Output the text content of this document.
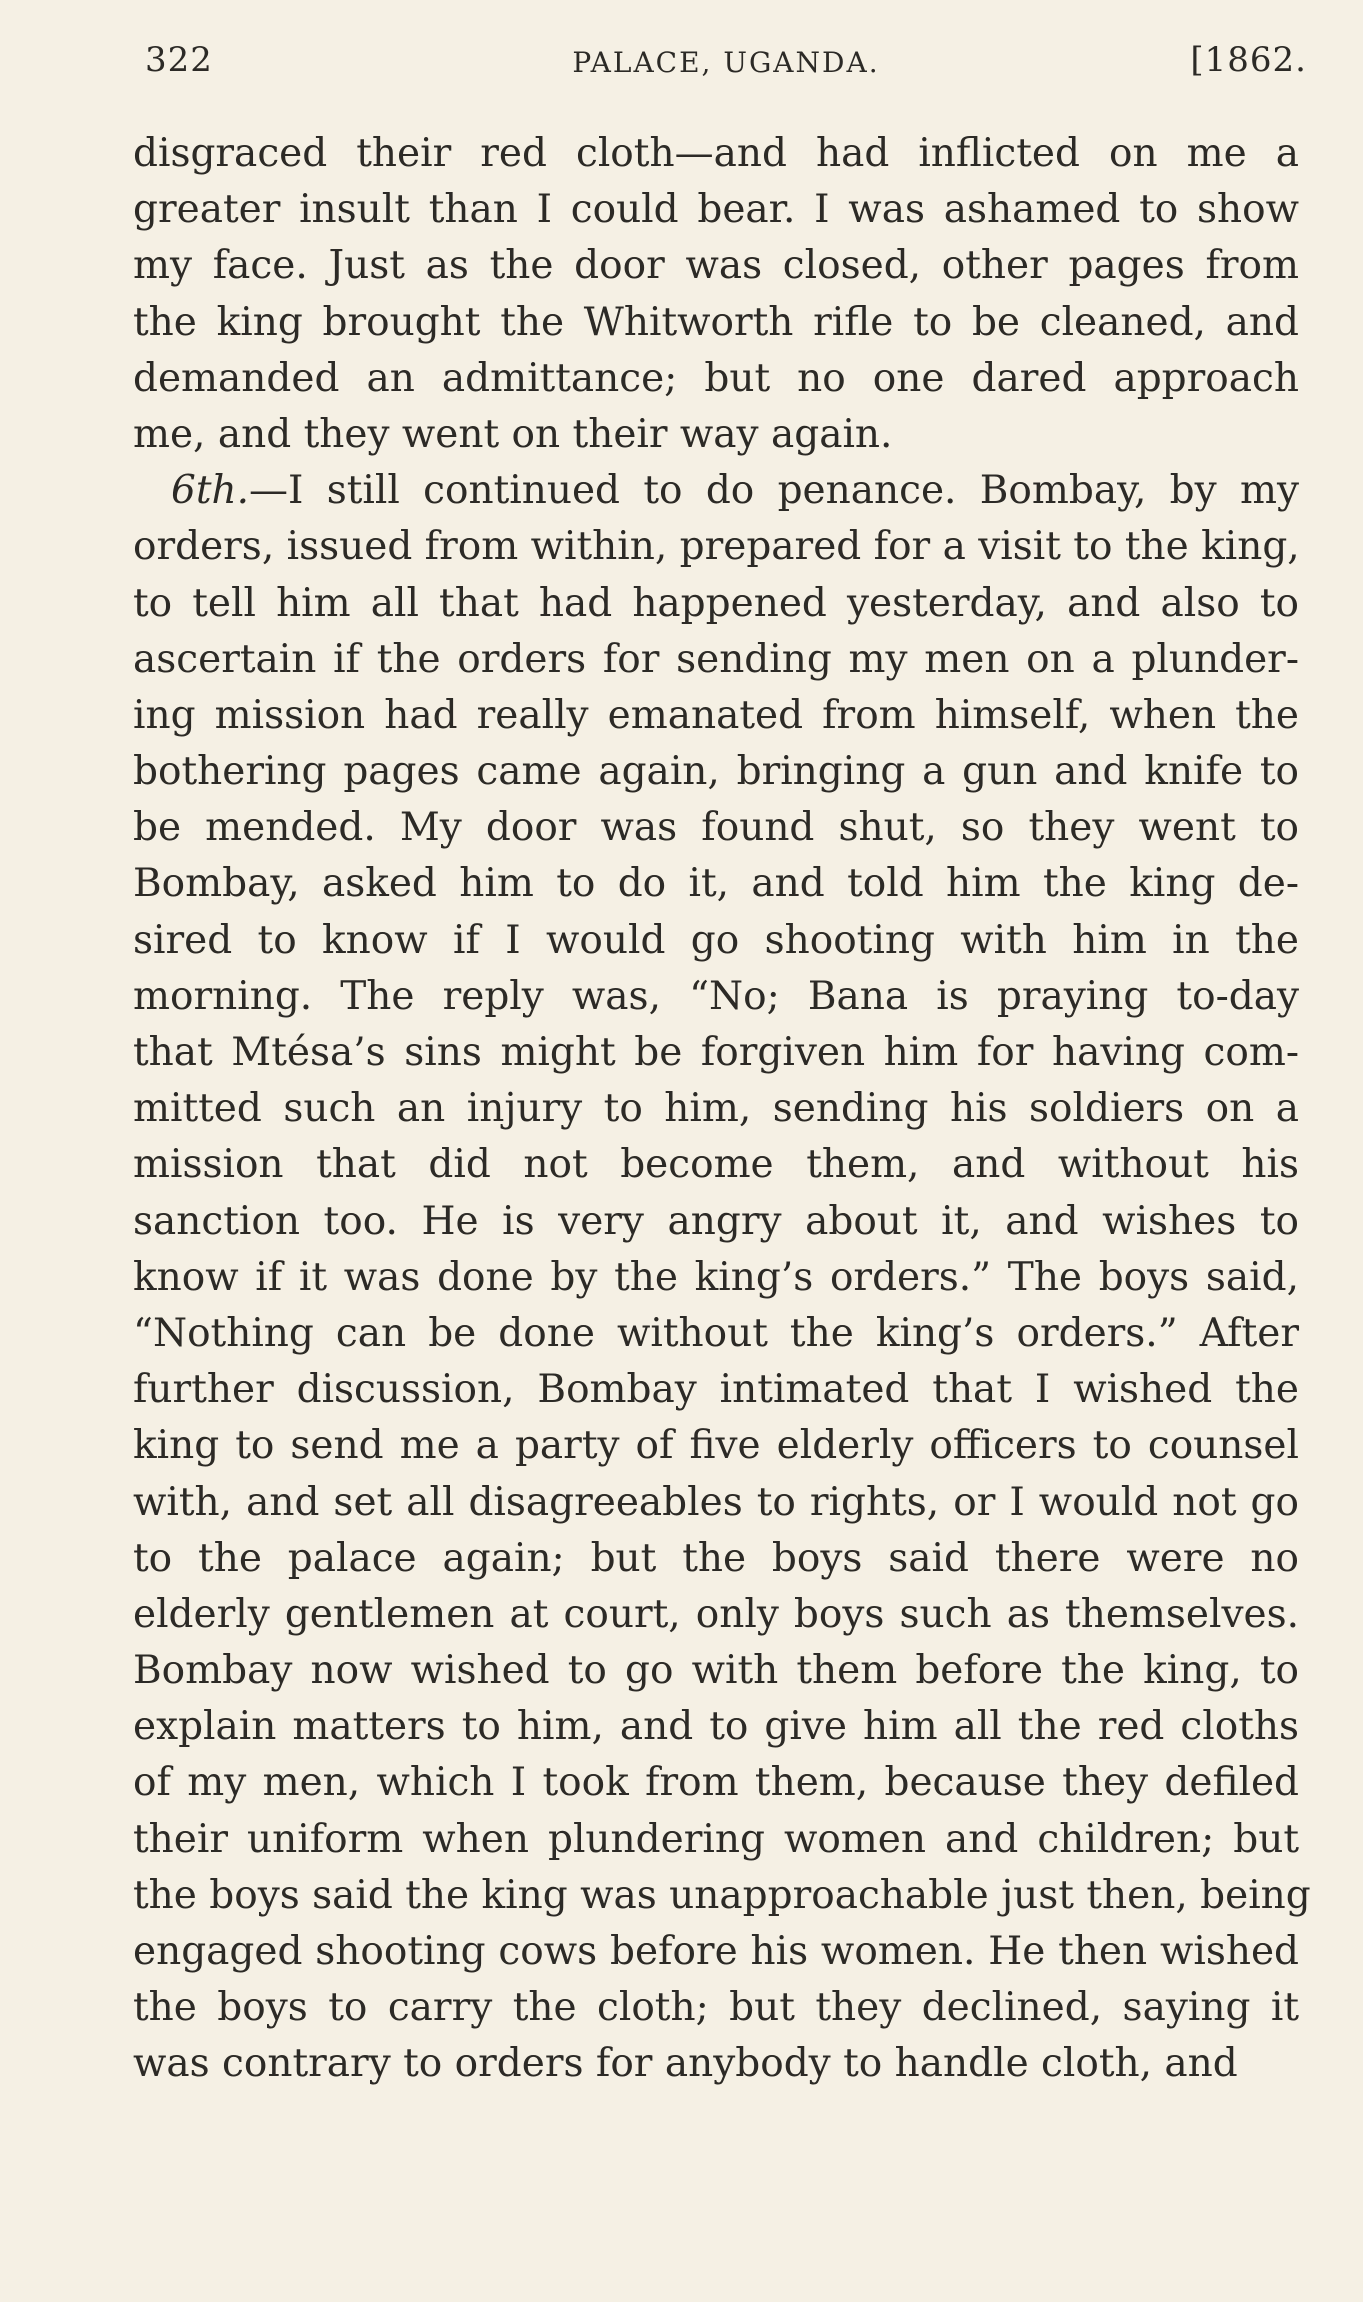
322	PALACE, UGANDA.	[1862.
disgraced their red cloth—and had inflicted on me a
greater insult than I could bear. I was ashamed to show
my face. Just as the door was closed, other pages from
the king brought the Whitworth rifle to be cleaned, and
demanded an admittance; but no one dared approach
me, and they went on their way again.
6th.—I still continued to do penance. Bombay, by my
orders, issued from within, prepared for a visit to the king,
to tell him all that had happened yesterday, and also to
ascertain if the orders for sending my men on a plunder-
ing mission had really emanated from himself, when the
bothering pages came again, bringing a gun and knife to
be mended. My door was found shut, so they went to
Bombay, asked him to do it, and told him the king de-
sired to know if I would go shooting with him in the
morning. The reply was, “No; Bana is praying to-day
that Mtésa’s sins might be forgiven him for having com-
mitted such an injury to him, sending his soldiers on a
mission that did not become them, and without his
sanction too. He is very angry about it, and wishes to
know if it was done by the king’s orders.” The boys said,
“Nothing can be done without the king’s orders.” After
further discussion, Bombay intimated that I wished the
king to send me a party of five elderly officers to counsel
with, and set all disagreeables to rights, or I would not go
to the palace again; but the boys said there were no
elderly gentlemen at court, only boys such as themselves.
Bombay now wished to go with them before the king, to
explain matters to him, and to give him all the red cloths
of my men, which I took from them, because they defiled
their uniform when plundering women and children; but
the boys said the king was unapproachable just then, being
engaged shooting cows before his women. He then wished
the boys to carry the cloth; but they declined, saying it
was contrary to orders for anybody to handle cloth, and
